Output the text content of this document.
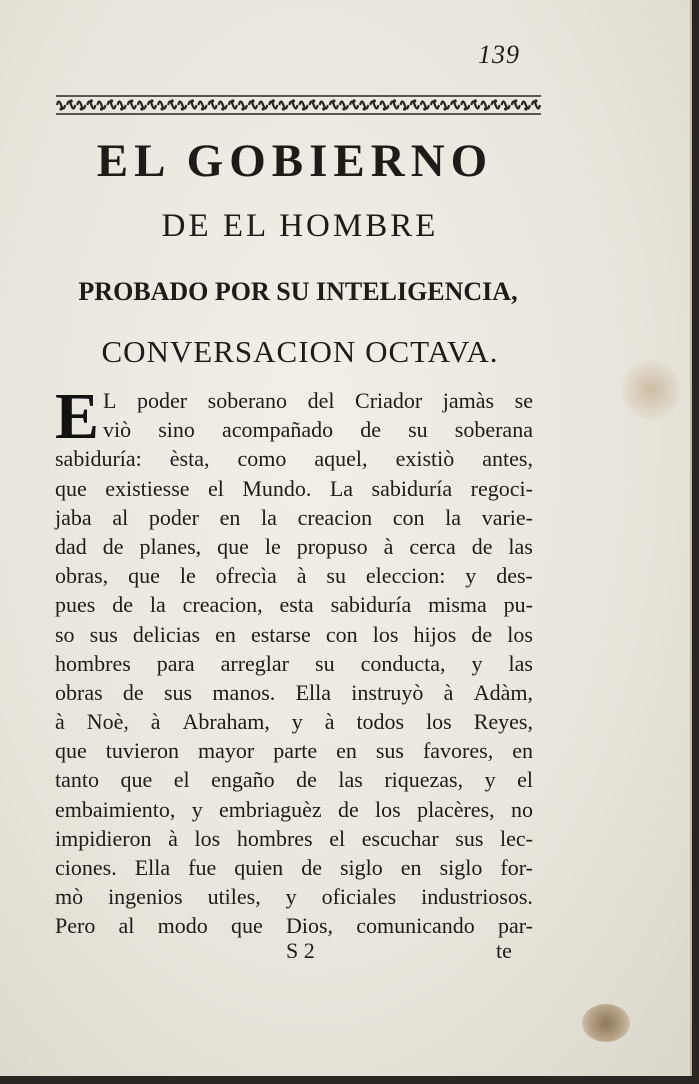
139
EL GOBIERNO
DE EL HOMBRE
PROBADO POR SU INTELIGENCIA,
CONVERSACION OCTAVA.
E L poder soberano del Criador jamàs se
viò sino acompañado de su soberana
sabiduría: èsta, como aquel, existiò antes,
que existiesse el Mundo. La sabiduría regoci-
jaba al poder en la creacion con la varie-
dad de planes, que le propuso à cerca de las
obras, que le ofrecìa à su eleccion: y des-
pues de la creacion, esta sabiduría misma pu-
so sus delicias en estarse con los hijos de los
hombres para arreglar su conducta, y las
obras de sus manos. Ella instruyò à Adàm,
à Noè, à Abraham, y à todos los Reyes,
que tuvieron mayor parte en sus favores, en
tanto que el engaño de las riquezas, y el
embaimiento, y embriaguèz de los placères, no
impidieron à los hombres el escuchar sus lec-
ciones. Ella fue quien de siglo en siglo for-
mò ingenios utiles, y oficiales industriosos.
Pero al modo que Dios, comunicando par-
S 2	te
